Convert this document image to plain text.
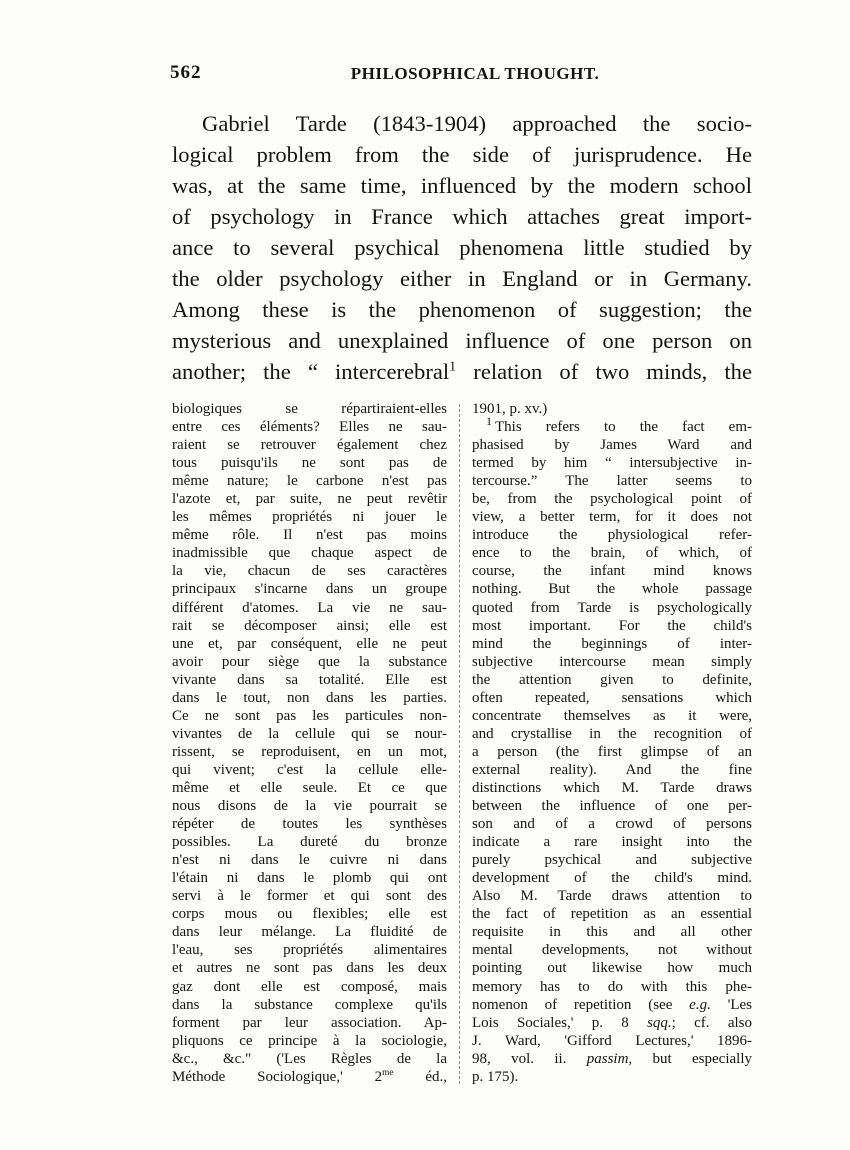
562	PHILOSOPHICAL THOUGHT.
Gabriel Tarde (1843-1904) approached the socio-
logical problem from the side of jurisprudence. He
was, at the same time, influenced by the modern school
of psychology in France which attaches great import-
ance to several psychical phenomena little studied by
the older psychology either in England or in Germany.
Among these is the phenomenon of suggestion; the
mysterious and unexplained influence of one person on
another; the “ intercerebral$^1$ relation of two minds, the
biologiques se répartiraient-elles
entre ces éléments? Elles ne sau-
raient se retrouver également chez
tous puisqu'ils ne sont pas de
même nature; le carbone n'est pas
l'azote et, par suite, ne peut revêtir
les mêmes propriétés ni jouer le
même rôle. Il n'est pas moins
inadmissible que chaque aspect de
la vie, chacun de ses caractères
principaux s'incarne dans un groupe
différent d'atomes. La vie ne sau-
rait se décomposer ainsi; elle est
une et, par conséquent, elle ne peut
avoir pour siège que la substance
vivante dans sa totalité. Elle est
dans le tout, non dans les parties.
Ce ne sont pas les particules non-
vivantes de la cellule qui se nour-
rissent, se reproduisent, en un mot,
qui vivent; c'est la cellule elle-
même et elle seule. Et ce que
nous disons de la vie pourrait se
répéter de toutes les synthèses
possibles. La dureté du bronze
n'est ni dans le cuivre ni dans
l'étain ni dans le plomb qui ont
servi à le former et qui sont des
corps mous ou flexibles; elle est
dans leur mélange. La fluidité de
l'eau, ses propriétés alimentaires
et autres ne sont pas dans les deux
gaz dont elle est composé, mais
dans la substance complexe qu'ils
forment par leur association. Ap-
pliquons ce principe à la sociologie,
&c., &c." ('Les Règles de la
Méthode Sociologique,' $2^{me}$ éd.,
1901, p. xv.)
$^1$ This refers to the fact em-
phasised by James Ward and
termed by him “ intersubjective in-
tercourse.” The latter seems to
be, from the psychological point of
view, a better term, for it does not
introduce the physiological refer-
ence to the brain, of which, of
course, the infant mind knows
nothing. But the whole passage
quoted from Tarde is psychologically
most important. For the child's
mind the beginnings of inter-
subjective intercourse mean simply
the attention given to definite,
often repeated, sensations which
concentrate themselves as it were,
and crystallise in the recognition of
a person (the first glimpse of an
external reality). And the fine
distinctions which M. Tarde draws
between the influence of one per-
son and of a crowd of persons
indicate a rare insight into the
purely psychical and subjective
development of the child's mind.
Also M. Tarde draws attention to
the fact of repetition as an essential
requisite in this and all other
mental developments, not without
pointing out likewise how much
memory has to do with this phe-
nomenon of repetition (see e.g. 'Les
Lois Sociales,' p. 8 sqq.; cf. also
J. Ward, 'Gifford Lectures,' 1896-
98, vol. ii. passim, but especially
p. 175).
